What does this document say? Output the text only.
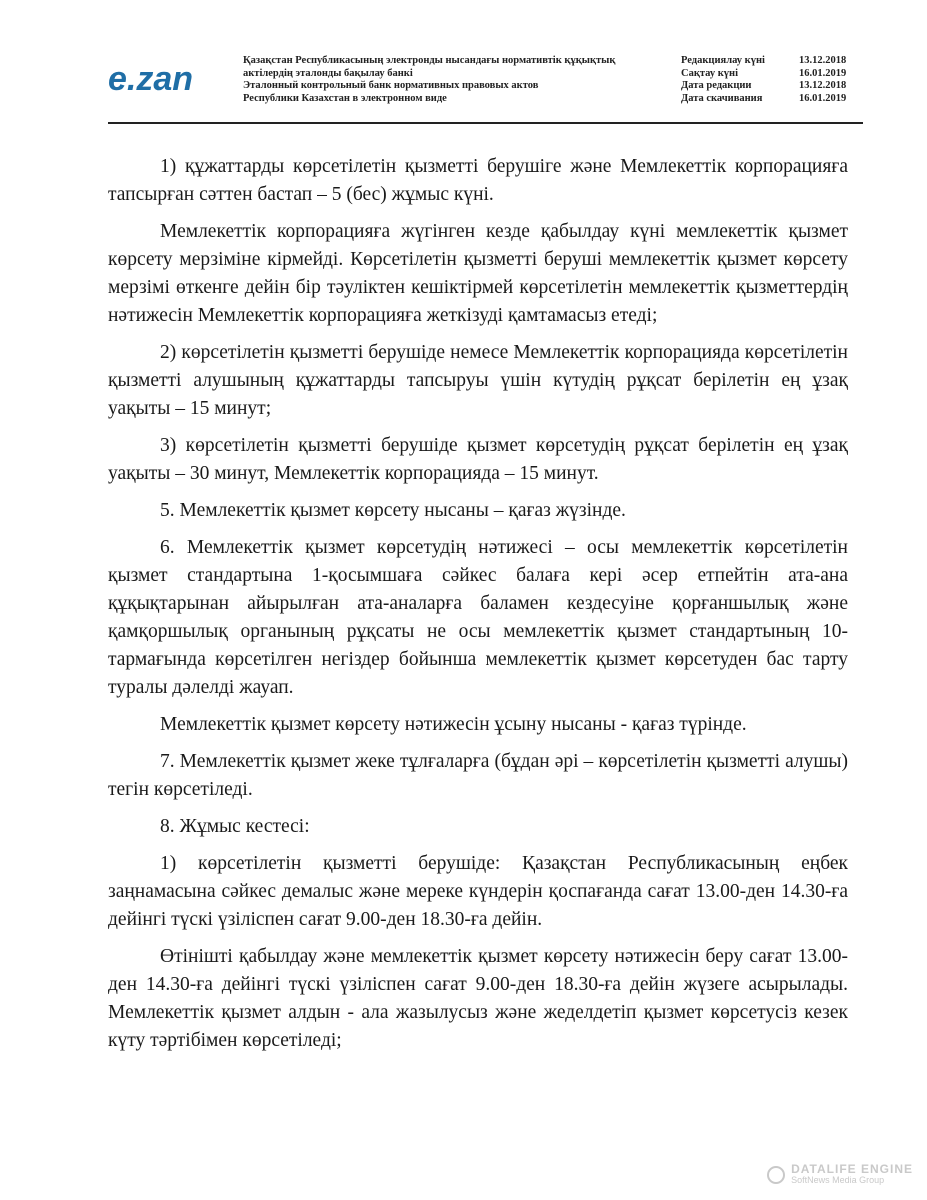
e.zan	Қазақстан Республикасының электронды нысандағы нормативтік құқықтық
актілердің эталонды бақылау банкі
Эталонный контрольный банк нормативных правовых актов
Республики Казахстан в электронном виде
Редакциялау күні	13.12.2018
Сақтау күні	16.01.2019
Дата редакции	13.12.2018
Дата скачивания	16.01.2019

1) құжаттарды көрсетілетін қызметті берушіге және Мемлекеттік корпорацияға тапсырған сәттен бастап – 5 (бес) жұмыс күні.

Мемлекеттік корпорацияға жүгінген кезде қабылдау күні мемлекеттік қызмет көрсету мерзіміне кірмейді. Көрсетілетін қызметті беруші мемлекеттік қызмет көрсету мерзімі өткенге дейін бір тәуліктен кешіктірмей көрсетілетін мемлекеттік қызметтердің нәтижесін Мемлекеттік корпорацияға жеткізуді қамтамасыз етеді;

2) көрсетілетін қызметті берушіде немесе Мемлекеттік корпорацияда көрсетілетін қызметті алушының құжаттарды тапсыруы үшін күтудің рұқсат берілетін ең ұзақ уақыты – 15 минут;

3) көрсетілетін қызметті берушіде қызмет көрсетудің рұқсат берілетін ең ұзақ уақыты – 30 минут, Мемлекеттік корпорацияда – 15 минут.

5. Мемлекеттік қызмет көрсету нысаны – қағаз жүзінде.

6. Мемлекеттік қызмет көрсетудің нәтижесі – осы мемлекеттік көрсетілетін қызмет стандартына 1-қосымшаға сәйкес балаға кері әсер етпейтін ата-ана құқықтарынан айырылған ата-аналарға баламен кездесуіне қорғаншылық және қамқоршылық органының рұқсаты не осы мемлекеттік қызмет стандартының 10-тармағында көрсетілген негіздер бойынша мемлекеттік қызмет көрсетуден бас тарту туралы дәлелді жауап.

Мемлекеттік қызмет көрсету нәтижесін ұсыну нысаны - қағаз түрінде.

7. Мемлекеттік қызмет жеке тұлғаларға (бұдан әрі – көрсетілетін қызметті алушы) тегін көрсетіледі.

8. Жұмыс кестесі:

1) көрсетілетін қызметті берушіде: Қазақстан Республикасының еңбек заңнамасына сәйкес демалыс және мереке күндерін қоспағанда сағат 13.00-ден 14.30-ға дейінгі түскі үзіліспен сағат 9.00-ден 18.30-ға дейін.

Өтінішті қабылдау және мемлекеттік қызмет көрсету нәтижесін беру сағат 13.00-ден 14.30-ға дейінгі түскі үзіліспен сағат 9.00-ден 18.30-ға дейін жүзеге асырылады. Мемлекеттік қызмет алдын - ала жазылусыз және жеделдетіп қызмет көрсетусіз кезек күту тәртібімен көрсетіледі;

DATALIFE ENGINE
SoftNews Media Group
